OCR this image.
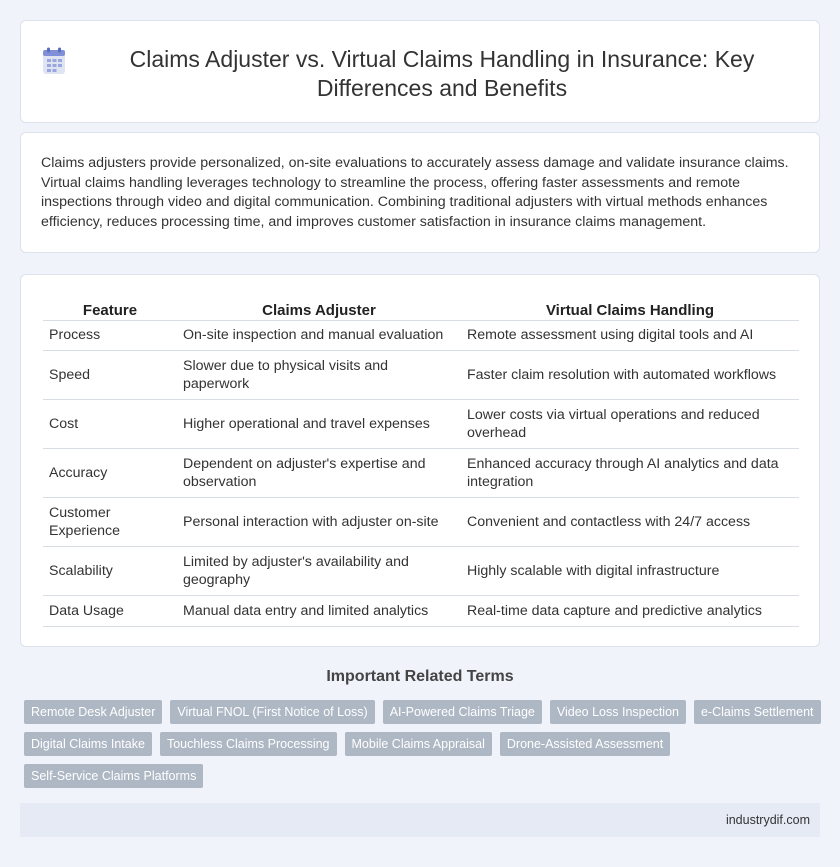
Claims Adjuster vs. Virtual Claims Handling in Insurance: Key Differences and Benefits

Claims adjusters provide personalized, on-site evaluations to accurately assess damage and validate insurance claims. Virtual claims handling leverages technology to streamline the process, offering faster assessments and remote inspections through video and digital communication. Combining traditional adjusters with virtual methods enhances efficiency, reduces processing time, and improves customer satisfaction in insurance claims management.

Feature	Claims Adjuster	Virtual Claims Handling
Process	On-site inspection and manual evaluation	Remote assessment using digital tools and AI
Speed	Slower due to physical visits and paperwork	Faster claim resolution with automated workflows
Cost	Higher operational and travel expenses	Lower costs via virtual operations and reduced overhead
Accuracy	Dependent on adjuster's expertise and observation	Enhanced accuracy through AI analytics and data integration
Customer Experience	Personal interaction with adjuster on-site	Convenient and contactless with 24/7 access
Scalability	Limited by adjuster's availability and geography	Highly scalable with digital infrastructure
Data Usage	Manual data entry and limited analytics	Real-time data capture and predictive analytics
Important Related Terms
Remote Desk Adjuster	Virtual FNOL (First Notice of Loss)	AI-Powered Claims Triage	Video Loss Inspection	e-Claims Settlement
Digital Claims Intake	Touchless Claims Processing	Mobile Claims Appraisal	Drone-Assisted Assessment
Self-Service Claims Platforms
industrydif.com
